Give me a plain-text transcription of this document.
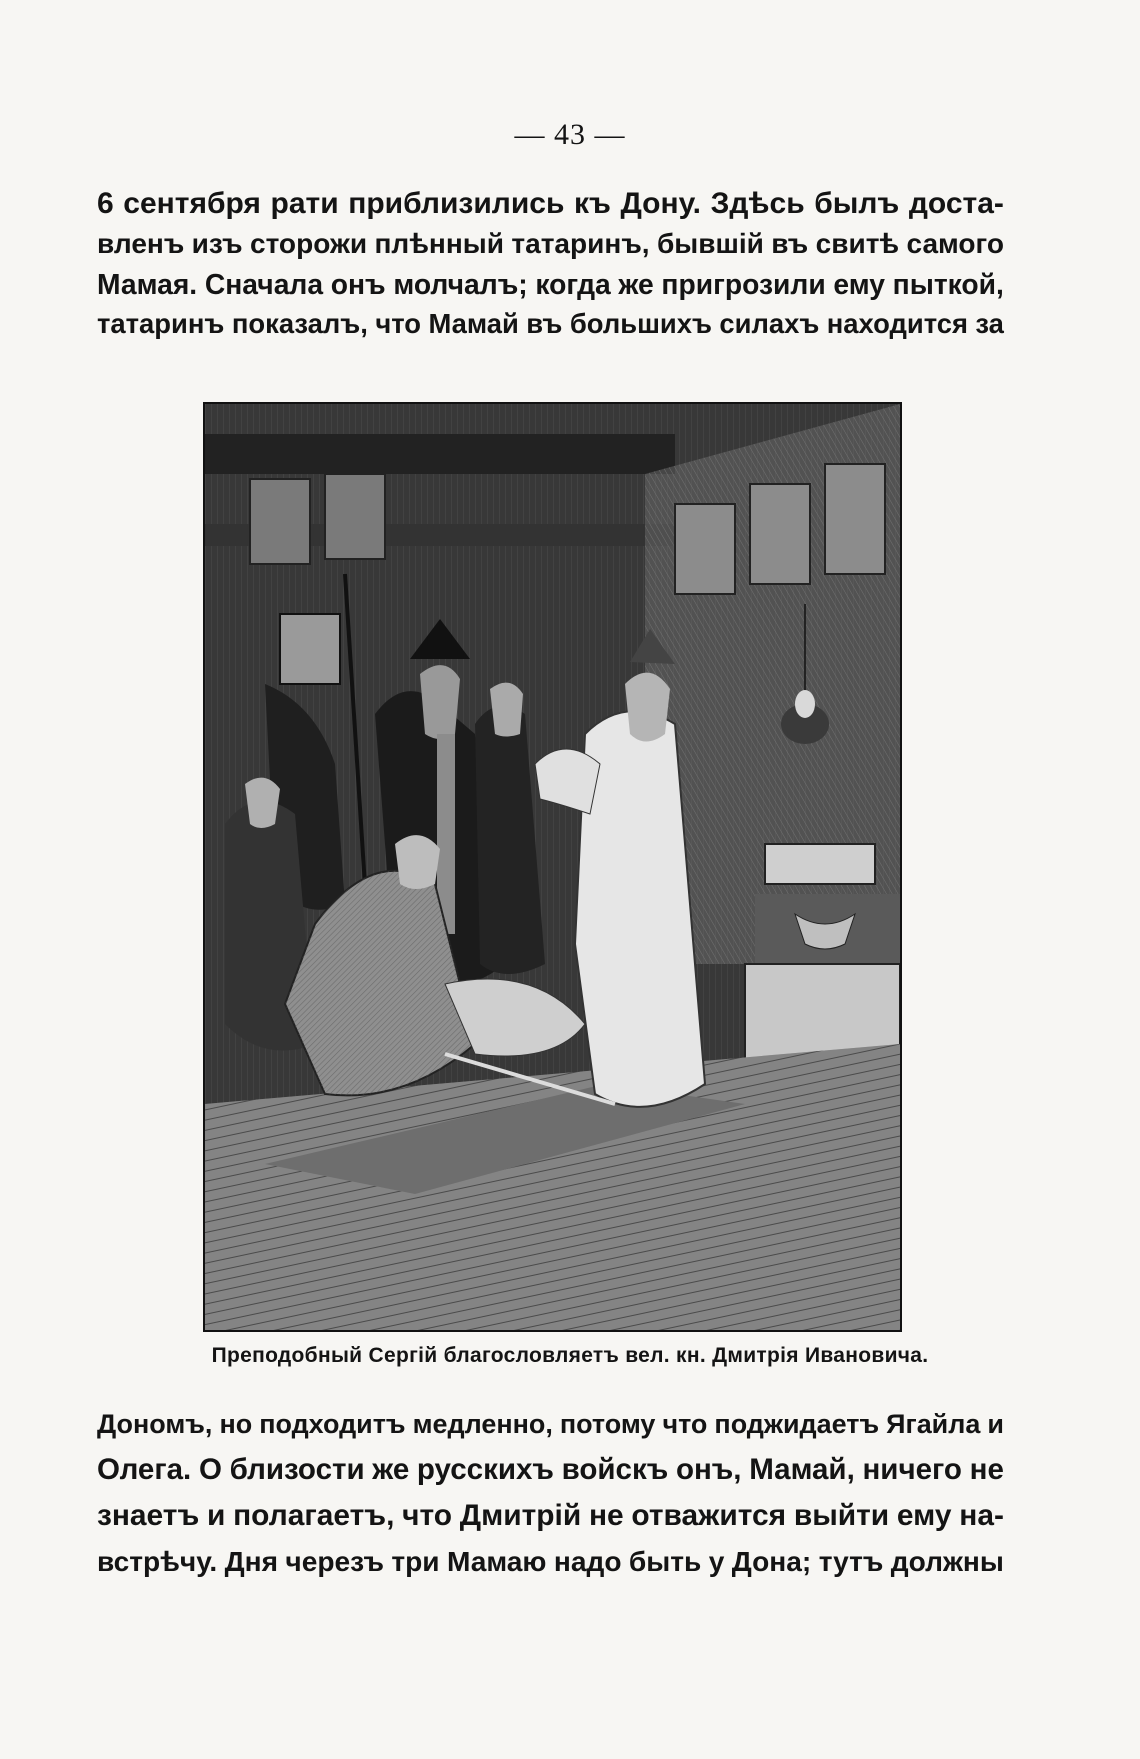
— 43 —
6 сентября рати приблизились къ Дону. Здѣсь былъ доста-
вленъ изъ сторожи плѣнный татаринъ, бывшій въ свитѣ самого
Мамая. Сначала онъ молчалъ; когда же пригрозили ему пыткой,
татаринъ показалъ, что Мамай въ большихъ силахъ находится за
Преподобный Сергій благословляетъ вел. кн. Дмитрія Ивановича.
Дономъ, но подходитъ медленно, потому что поджидаетъ Ягайла и
Олега. О близости же русскихъ войскъ онъ, Мамай, ничего не
знаетъ и полагаетъ, что Дмитрій не отважится выйти ему на-
встрѣчу. Дня черезъ три Мамаю надо быть у Дона; тутъ должны
